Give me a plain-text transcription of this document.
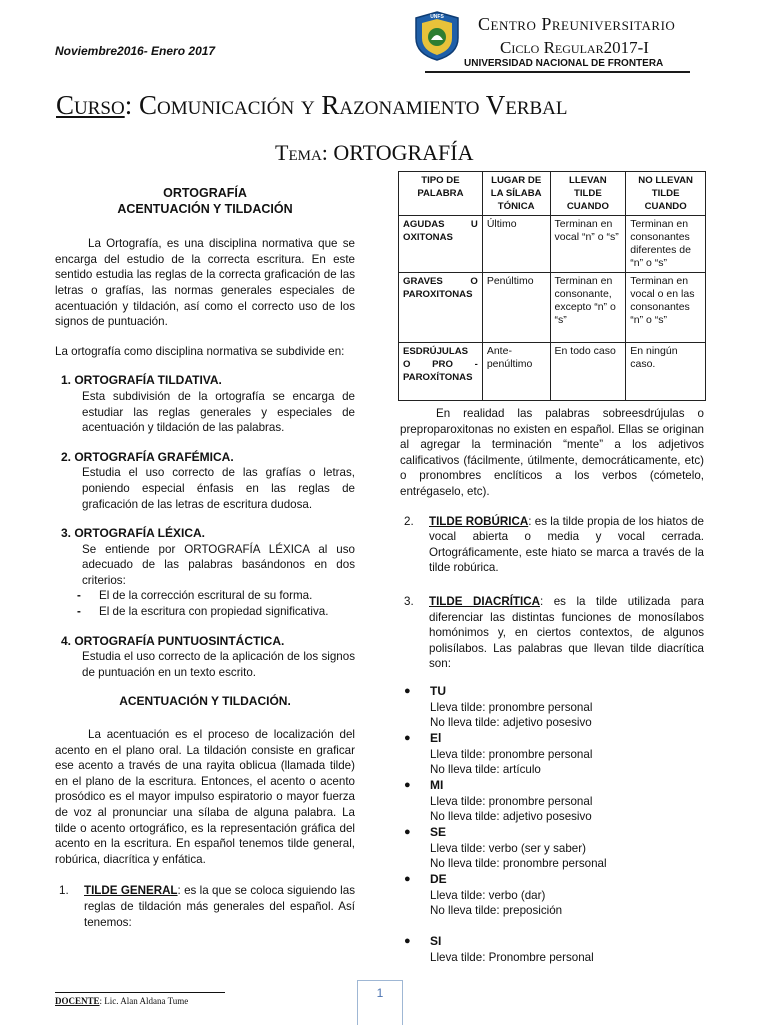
Noviembre2016- Enero 2017
UNFS Centro Preuniversitario
Ciclo Regular2017-I
UNIVERSIDAD NACIONAL DE FRONTERA
Curso: Comunicación y Razonamiento Verbal
Tema: ORTOGRAFÍA
ORTOGRAFÍA
ACENTUACIÓN Y TILDACIÓN
La Ortografía, es una disciplina normativa que se encarga del estudio de la correcta escritura. En este sentido estudia las reglas de la correcta graficación de las letras o grafías, las normas generales especiales de acentuación y tildación, así como el correcto uso de los signos de puntuación.
La ortografía como disciplina normativa se subdivide en:
1. ORTOGRAFÍA TILDATIVA.
Esta subdivisión de la ortografía se encarga de estudiar las reglas generales y especiales de acentuación y tildación de las palabras.
2. ORTOGRAFÍA GRAFÉMICA.
Estudia el uso correcto de las grafías o letras, poniendo especial énfasis en las reglas de graficación de las letras de escritura dudosa.
3. ORTOGRAFÍA LÉXICA.
Se entiende por ORTOGRAFÍA LÉXICA al uso adecuado de las palabras basándonos en dos criterios:
- El de la corrección escritural de su forma.
- El de la escritura con propiedad significativa.
4. ORTOGRAFÍA PUNTUOSINTÁCTICA.
Estudia el uso correcto de la aplicación de los signos de puntuación en un texto escrito.
ACENTUACIÓN Y TILDACIÓN.
La acentuación es el proceso de localización del acento en el plano oral. La tildación consiste en graficar ese acento a través de una rayita oblicua (llamada tilde) en el plano de la escritura. Entonces, el acento o acento prosódico es el mayor impulso espiratorio o mayor fuerza de voz al pronunciar una sílaba de alguna palabra. La tilde o acento ortográfico, es la representación gráfica del acento en la escritura. En español tenemos tilde general, robúrica, diacrítica y enfática.
1. TILDE GENERAL: es la que se coloca siguiendo las reglas de tildación más generales del español. Así tenemos:
TIPO DE PALABRA	LUGAR DE LA SÍLABA TÓNICA	LLEVAN TILDE CUANDO	NO LLEVAN TILDE CUANDO
AGUDAS U OXITONAS	Último	Terminan en vocal “n” o “s”	Terminan en consonantes diferentes de “n” o “s”
GRAVES O PAROXITONAS	Penúltimo	Terminan en consonante, excepto “n” o “s”	Terminan en vocal o en las consonantes “n” o “s”
ESDRÚJULAS O PRO - PAROXÍTONAS	Ante-penúltimo	En todo caso	En ningún caso.
En realidad las palabras sobreesdrújulas o preproparoxitonas no existen en español. Ellas se originan al agregar la terminación “mente” a los adjetivos calificativos (fácilmente, útilmente, democráticamente, etc) o pronombres enclíticos a los verbos (cómetelo, entrégaselo, etc).
2. TILDE ROBÚRICA: es la tilde propia de los hiatos de vocal abierta o media y vocal cerrada. Ortográficamente, este hiato se marca a través de la tilde robúrica.
3. TILDE DIACRÍTICA: es la tilde utilizada para diferenciar las distintas funciones de monosílabos homónimos y, en ciertos contextos, de algunos polisílabos. Las palabras que llevan tilde diacrítica son:
● TU
Lleva tilde: pronombre personal
No lleva tilde: adjetivo posesivo
● El
Lleva tilde: pronombre personal
No lleva tilde: artículo
● MI
Lleva tilde: pronombre personal
No lleva tilde: adjetivo posesivo
● SE
Lleva tilde: verbo (ser y saber)
No lleva tilde: pronombre personal
● DE
Lleva tilde: verbo (dar)
No lleva tilde: preposición
● SI
Lleva tilde: Pronombre personal
DOCENTE: Lic. Alan Aldana Tume
1
